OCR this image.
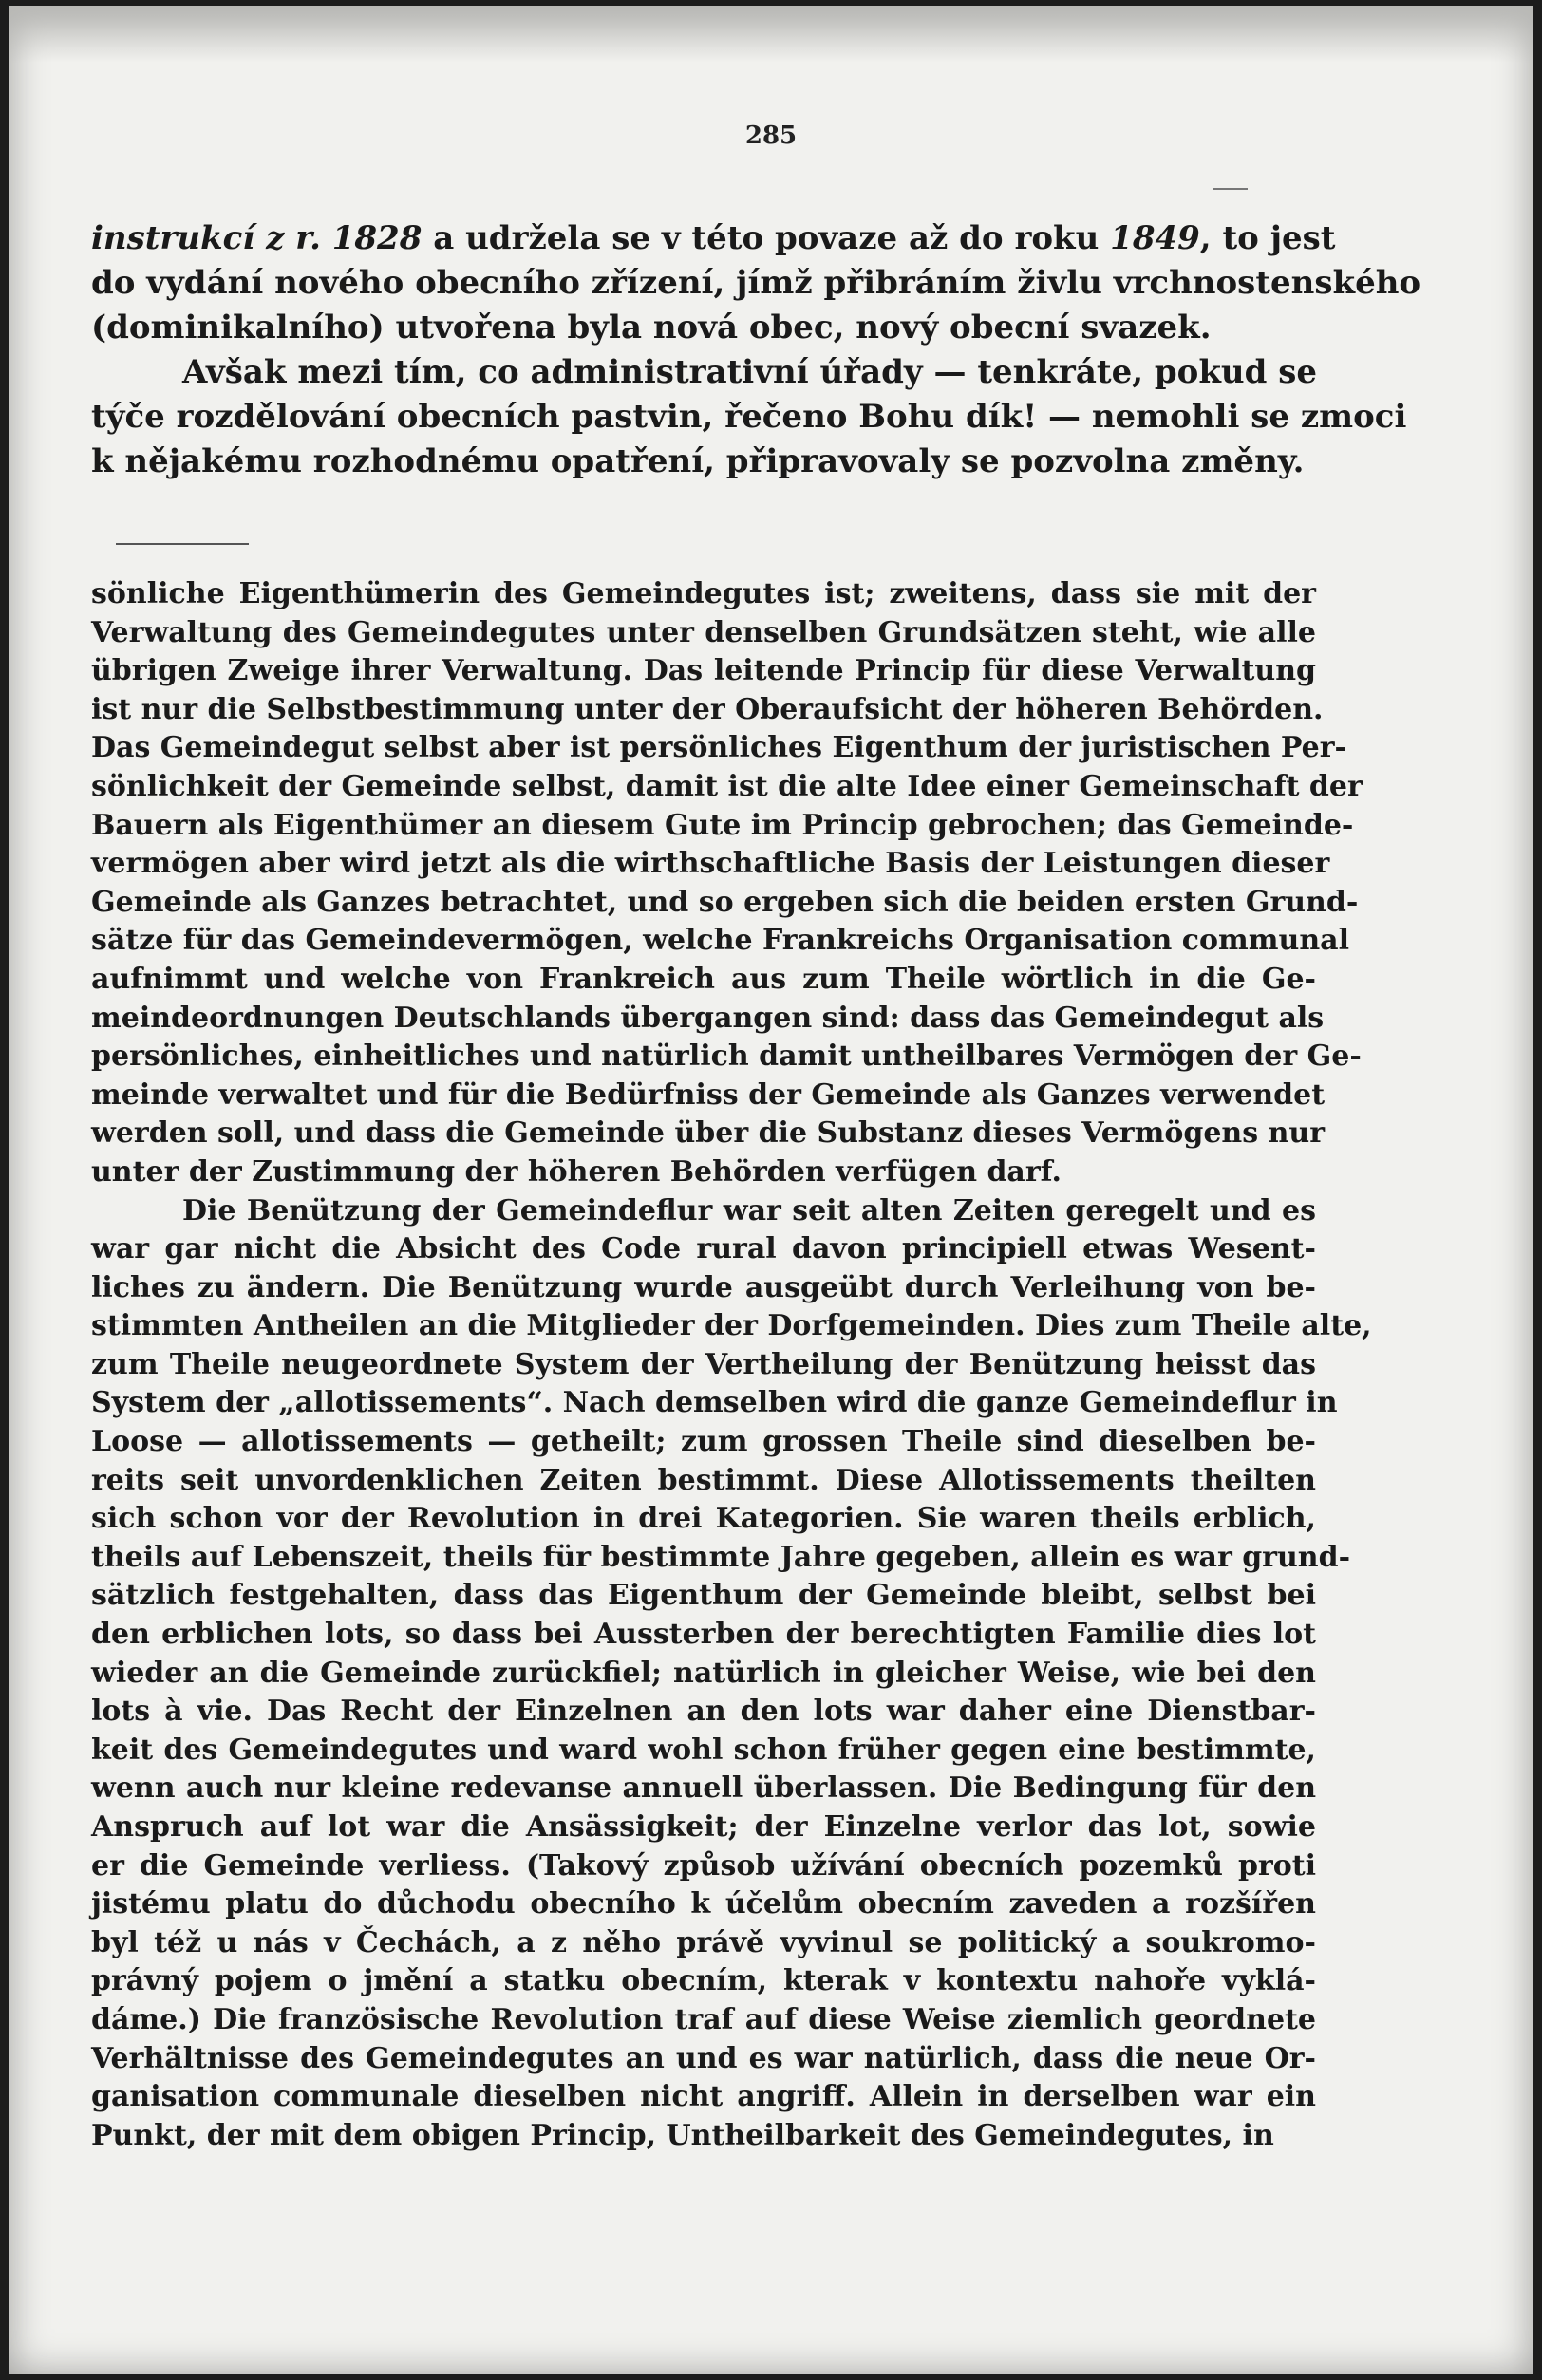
285
instrukcí z r. 1828 a udržela se v této povaze až do roku 1849, to jest
do vydání nového obecního zřízení, jímž přibráním živlu vrchnostenského
(dominikalního) utvořena byla nová obec, nový obecní svazek.
Avšak mezi tím, co administrativní úřady — tenkráte, pokud se
týče rozdělování obecních pastvin, řečeno Bohu dík! — nemohli se zmoci
k nějakému rozhodnému opatření, připravovaly se pozvolna změny.
sönliche Eigenthümerin des Gemeindegutes ist; zweitens, dass sie mit der
Verwaltung des Gemeindegutes unter denselben Grundsätzen steht, wie alle
übrigen Zweige ihrer Verwaltung. Das leitende Princip für diese Verwaltung
ist nur die Selbstbestimmung unter der Oberaufsicht der höheren Behörden.
Das Gemeindegut selbst aber ist persönliches Eigenthum der juristischen Per-
sönlichkeit der Gemeinde selbst, damit ist die alte Idee einer Gemeinschaft der
Bauern als Eigenthümer an diesem Gute im Princip gebrochen; das Gemeinde-
vermögen aber wird jetzt als die wirthschaftliche Basis der Leistungen dieser
Gemeinde als Ganzes betrachtet, und so ergeben sich die beiden ersten Grund-
sätze für das Gemeindevermögen, welche Frankreichs Organisation communal
aufnimmt und welche von Frankreich aus zum Theile wörtlich in die Ge-
meindeordnungen Deutschlands übergangen sind: dass das Gemeindegut als
persönliches, einheitliches und natürlich damit untheilbares Vermögen der Ge-
meinde verwaltet und für die Bedürfniss der Gemeinde als Ganzes verwendet
werden soll, und dass die Gemeinde über die Substanz dieses Vermögens nur
unter der Zustimmung der höheren Behörden verfügen darf.
Die Benützung der Gemeindeflur war seit alten Zeiten geregelt und es
war gar nicht die Absicht des Code rural davon principiell etwas Wesent-
liches zu ändern. Die Benützung wurde ausgeübt durch Verleihung von be-
stimmten Antheilen an die Mitglieder der Dorfgemeinden. Dies zum Theile alte,
zum Theile neugeordnete System der Vertheilung der Benützung heisst das
System der „allotissements“. Nach demselben wird die ganze Gemeindeflur in
Loose — allotissements — getheilt; zum grossen Theile sind dieselben be-
reits seit unvordenklichen Zeiten bestimmt. Diese Allotissements theilten
sich schon vor der Revolution in drei Kategorien. Sie waren theils erblich,
theils auf Lebenszeit, theils für bestimmte Jahre gegeben, allein es war grund-
sätzlich festgehalten, dass das Eigenthum der Gemeinde bleibt, selbst bei
den erblichen lots, so dass bei Aussterben der berechtigten Familie dies lot
wieder an die Gemeinde zurückfiel; natürlich in gleicher Weise, wie bei den
lots à vie. Das Recht der Einzelnen an den lots war daher eine Dienstbar-
keit des Gemeindegutes und ward wohl schon früher gegen eine bestimmte,
wenn auch nur kleine redevanse annuell überlassen. Die Bedingung für den
Anspruch auf lot war die Ansässigkeit; der Einzelne verlor das lot, sowie
er die Gemeinde verliess. (Takový způsob užívání obecních pozemků proti
jistému platu do důchodu obecního k účelům obecním zaveden a rozšířen
byl též u nás v Čechách, a z něho právě vyvinul se politický a soukromo-
právný pojem o jmění a statku obecním, kterak v kontextu nahoře vyklá-
dáme.) Die französische Revolution traf auf diese Weise ziemlich geordnete
Verhältnisse des Gemeindegutes an und es war natürlich, dass die neue Or-
ganisation communale dieselben nicht angriff. Allein in derselben war ein
Punkt, der mit dem obigen Princip, Untheilbarkeit des Gemeindegutes, in
